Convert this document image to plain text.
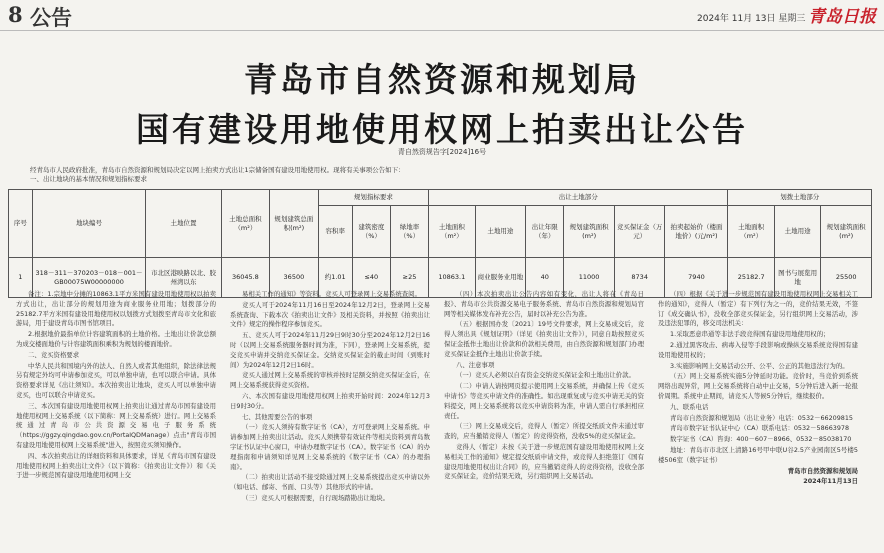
8 公告	2024年 11月 13日 星期三 青岛日报
青岛市自然资源和规划局
国有建设用地使用权网上拍卖出让公告
青自然资规告字[2024]16号

经青岛市人民政府批准，青岛市自然资源和规划局决定以网上拍卖方式出让1宗储备国有建设用地使用权。现将有关事项公告如下：

一、出让地块的基本情况和规划指标要求

序号	地块编号	土地位置	土地总面积（m²）	规划建筑总面积(m²)	规划指标要求			出让土地部分						划拨土地部分		
					容积率	建筑密度（%）	绿地率（%）	土地面积（m²）	土地用途	出让年限（年）	规划建筑面积(m²)	竞买保证金（万元）	拍卖起始价（楼面地价）(元/m²)	土地面积（m²）	土地用途	规划建筑面积(m²)
1	318－311－370203－018－001－GB00075W00000000	市北区港映路以北、胶州湾以东	36045.8	36500	约1.01	≤40	≥25	10863.1	商业服务业用地	40	11000	8734	7940	25182.7	图书与展览用地	25500

备注：1.宗地中分摊的10863.1平方米国有建设用地使用权以拍卖方式出让，出让部分的规划用途为商业服务业用地；划拨部分的25182.7平方米国有建设用地使用权以划拨方式划拨至青岛市文化和旅游局，用于建设青岛市图书馆项目。

2.根据地价最指单位计容建筑面积的土地价格。土地出让价款总额为成交楼面地价与计容建筑面积乘积为规划的楼面地价。

二、竞买资格要求

中华人民共和国境内外的法人、自然人或者其他组织，除法律法规另有规定外均可申请参加竞买，可以单独申请，也可以联合申请。具体资格要求详见《出让须知》。本次拍卖出让地块，竞买人可以单独申请竞买，也可以联合申请竞买。

三、本次国有建设用地使用权网上拍卖出让通过青岛市国有建设用地使用权网上交易系统（以下简称：网上交易系统）进行。网上交易系统通过青岛市公共资源交易电子服务系统（https://ggzy.qingdao.gov.cn/PortalQDManage）点击"青岛市国有建设用地使用权网上交易系统"进入，按照竞买须知操作。

四、本次拍卖出让的详细资料和具体要求，详见《青岛市国有建设用地使用权网上拍卖出让文件》（以下简称：《拍卖出让文件》）和《关于进一步规范国有建设用地使用权网上交

易相关工作的通知》等资料。竞买人可登录网上交易系统查阅。

竞买人可于2024年11月16日至2024年12月2日，登录网上交易系统查询、下载本次《拍卖出让文件》及相关资料，并按照《拍卖出让文件》规定的操作程序参加竞买。

五、竞买人可于2024年11月29日9时30分至2024年12月2日16时（以网上交易系统服务器时间为准，下同），登录网上交易系统，提交竞买申请并交纳竞买保证金。交纳竞买保证金的截止时间（到账时间）为2024年12月2日16时。

竞买人通过网上交易系统的审核并按时足额交纳竞买保证金后，在网上交易系统获得竞买资格。

六、本次国有建设用地使用权网上拍卖开始时间：2024年12月3日9时30分。

七、其他需要公告的事项

（一）竞买人须持有数字证书（CA），方可登录网上交易系统。申请参加网上拍卖出让活动。竞买人须携带有效证件等相关资料到青岛数字证书认证中心窗口，申请办理数字证书（CA）。数字证书（CA）的办理指南和申请须知详见网上交易系统的《数字证书（CA）的办理指南》。

（二）拍卖出让活动不接受除通过网上交易系统提出竞买申请以外（如电话、邮寄、书面、口头等）其他形式的申请。

（三）竞买人可根据需要，自行现场踏勘出让地块。

（四）本次拍卖出让公告内容如有变化，出让人将在《青岛日报》、青岛市公共资源交易电子服务系统、青岛市自然资源和规划局官网等相关媒体发布补充公告，届时以补充公告为准。

（五）根据国办发〔2021〕19号文件要求，网上交易成交后，竞得人须出具《规划证明》（详见《拍卖出让文件》），同意自助按照竞买保证金抵作土地出让价款和价款相关费用，由自然资源和规划部门办理竞买保证金抵作土地出让价款手续。

八、注意事项

（一）竞买人必须以自有资金交纳竞买保证金和土地出让价款。

（二）申请人请按网页提示使用网上交易系统，并确保上传《竞买申请书》等竞买申请文件的准确性。如出现重复或与竞买申请无关的资料提交，网上交易系统将以竞买申请资料为准，申请人需自行承担相应责任。

（三）网上交易成交后，竞得人（暂定）所提交纸质文件未通过审查的，应当撤销竞得人（暂定）的竞得资格，没收5%的竞买保证金。

竞得人（暂定）未按《关于进一步规范国有建设用地使用权网上交易相关工作的通知》规定提交纸质申请文件，或竞得人拒绝签订《国有建设用地使用权出让合同》的，应当撤销竞得人的竞得资格，没收全部竞买保证金，竞价结果无效，另行组织网上交易活动。

（四）根据《关于进一步规范国有建设用地使用权网上交易相关工作的通知》，竞得人（暂定）有下列行为之一的，竞价结果无效，不签订《成交确认书》，没收全部竞买保证金，另行组织网上交易活动，涉及违法犯罪的，移交司法机关：

1.采取恶意串通等非法手段竞得国有建设用地使用权的；

2.通过黑客攻击、病毒入侵等手段影响或操纵交易系统竞得国有建设用地使用权的；

3.实施影响网上交易活动公开、公平、公正的其他违法行为的。

（五）网上交易系统实施5分钟延时功能。竞价时，当竞价到系统网络出现异常，网上交易系统将自动中止交易，5分钟后进入新一轮报价周期。系统中止期间，请竞买人等候5分钟后，继续报价。

九、联系电话

青岛市自然资源和规划局（出让业务）电话：0532－66209815

青岛市数字证书认证中心（CA）联系电话：0532－58663978

数字证书（CA）咨询：400－607－8966、0532－85038170

地址：青岛市市北区上清路16号甲中联U谷2.5产业园南区5号楼5楼506室（数字证书）

青岛市自然资源和规划局

2024年11月13日
